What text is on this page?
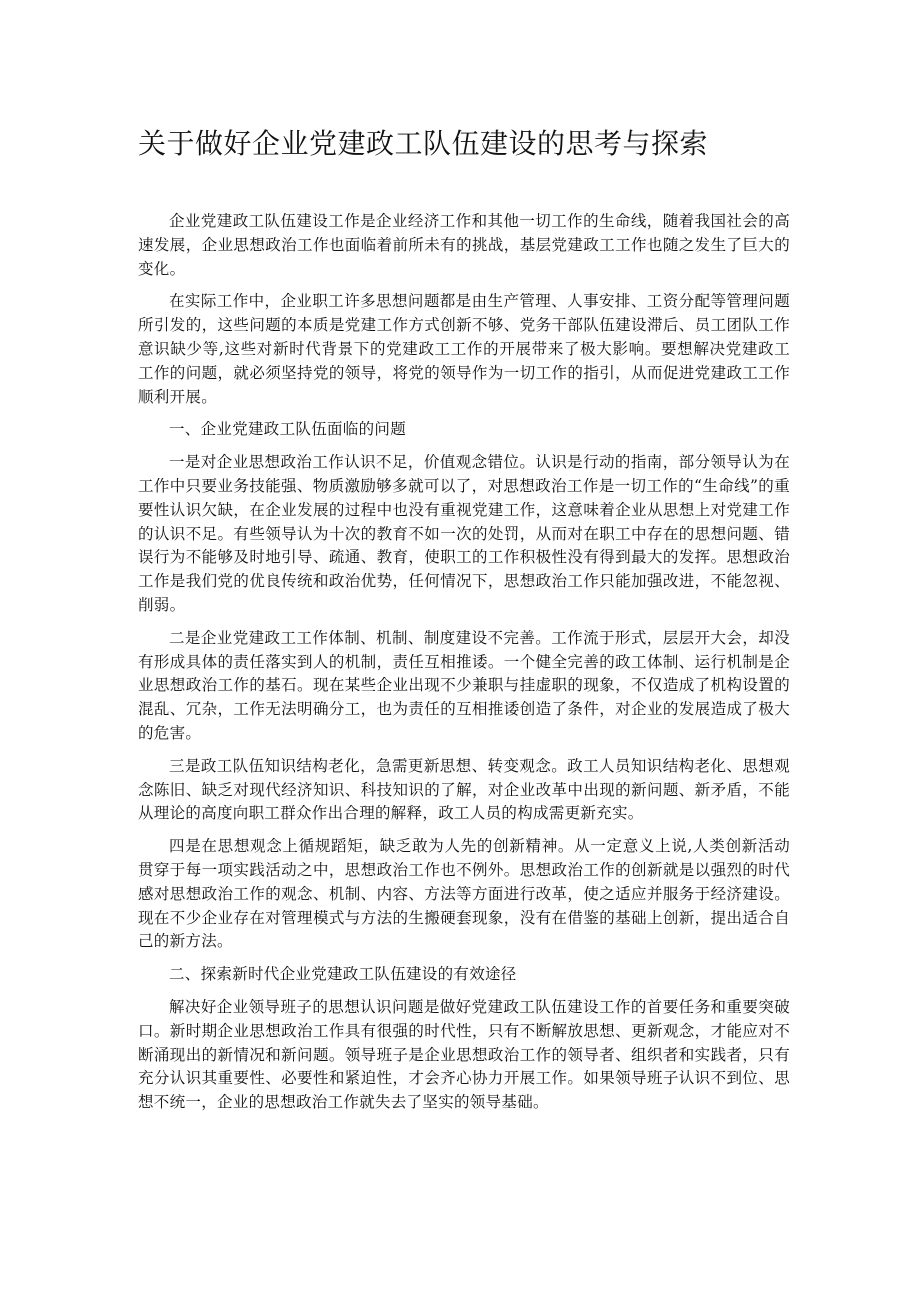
关于做好企业党建政工队伍建设的思考与探索

企业党建政工队伍建设工作是企业经济工作和其他一切工作的生命线，随着我国社会的高速发展，企业思想政治工作也面临着前所未有的挑战，基层党建政工工作也随之发生了巨大的变化。

在实际工作中，企业职工许多思想问题都是由生产管理、人事安排、工资分配等管理问题所引发的，这些问题的本质是党建工作方式创新不够、党务干部队伍建设滞后、员工团队工作意识缺少等,这些对新时代背景下的党建政工工作的开展带来了极大影响。要想解决党建政工工作的问题，就必须坚持党的领导，将党的领导作为一切工作的指引，从而促进党建政工工作顺利开展。

一、企业党建政工队伍面临的问题

一是对企业思想政治工作认识不足，价值观念错位。认识是行动的指南，部分领导认为在工作中只要业务技能强、物质激励够多就可以了，对思想政治工作是一切工作的“生命线”的重要性认识欠缺，在企业发展的过程中也没有重视党建工作，这意味着企业从思想上对党建工作的认识不足。有些领导认为十次的教育不如一次的处罚，从而对在职工中存在的思想问题、错误行为不能够及时地引导、疏通、教育，使职工的工作积极性没有得到最大的发挥。思想政治工作是我们党的优良传统和政治优势，任何情况下，思想政治工作只能加强改进，不能忽视、削弱。

二是企业党建政工工作体制、机制、制度建设不完善。工作流于形式，层层开大会，却没有形成具体的责任落实到人的机制，责任互相推诿。一个健全完善的政工体制、运行机制是企业思想政治工作的基石。现在某些企业出现不少兼职与挂虚职的现象，不仅造成了机构设置的混乱、冗杂，工作无法明确分工，也为责任的互相推诿创造了条件，对企业的发展造成了极大的危害。

三是政工队伍知识结构老化，急需更新思想、转变观念。政工人员知识结构老化、思想观念陈旧、缺乏对现代经济知识、科技知识的了解，对企业改革中出现的新问题、新矛盾，不能从理论的高度向职工群众作出合理的解释，政工人员的构成需更新充实。

四是在思想观念上循规蹈矩，缺乏敢为人先的创新精神。从一定意义上说,人类创新活动贯穿于每一项实践活动之中，思想政治工作也不例外。思想政治工作的创新就是以强烈的时代感对思想政治工作的观念、机制、内容、方法等方面进行改革，使之适应并服务于经济建设。现在不少企业存在对管理模式与方法的生搬硬套现象，没有在借鉴的基础上创新，提出适合自己的新方法。

二、探索新时代企业党建政工队伍建设的有效途径

解决好企业领导班子的思想认识问题是做好党建政工队伍建设工作的首要任务和重要突破口。新时期企业思想政治工作具有很强的时代性，只有不断解放思想、更新观念，才能应对不断涌现出的新情况和新问题。领导班子是企业思想政治工作的领导者、组织者和实践者，只有充分认识其重要性、必要性和紧迫性，才会齐心协力开展工作。如果领导班子认识不到位、思想不统一，企业的思想政治工作就失去了坚实的领导基础。
